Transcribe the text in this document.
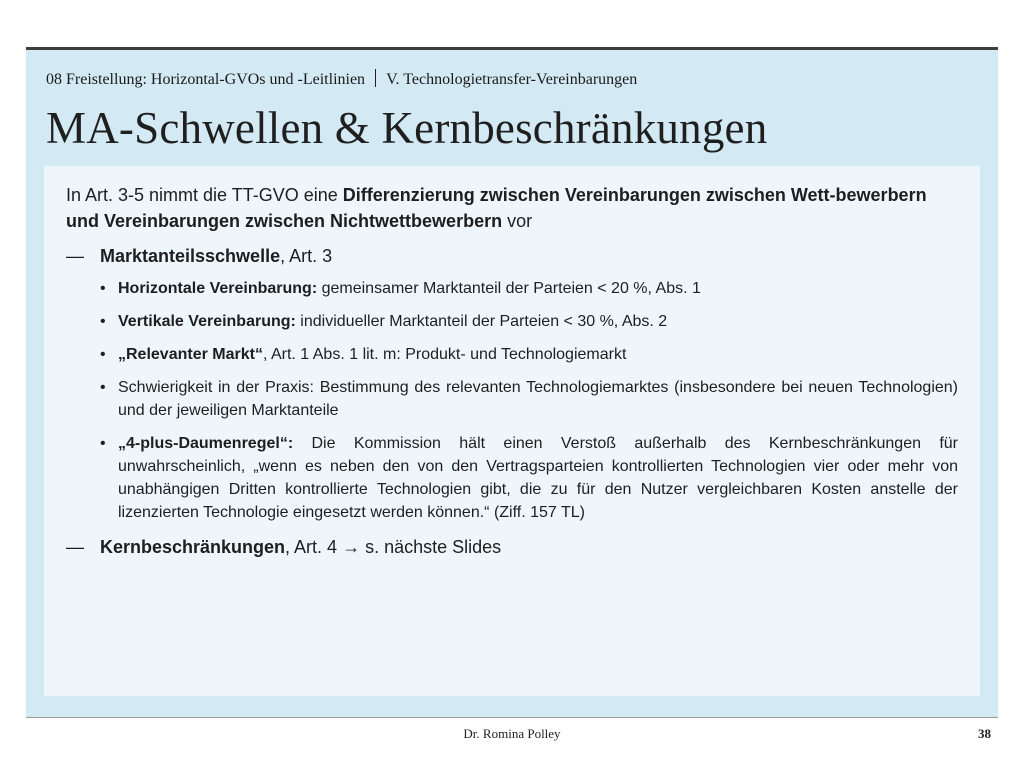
08 Freistellung: Horizontal-GVOs und -Leitlinien V. Technologietransfer-Vereinbarungen
MA-Schwellen & Kernbeschränkungen

In Art. 3-5 nimmt die TT-GVO eine Differenzierung zwischen Vereinbarungen zwischen Wett-bewerbern und Vereinbarungen zwischen Nichtwettbewerbern vor

— Marktanteilsschwelle, Art. 3
• Horizontale Vereinbarung: gemeinsamer Marktanteil der Parteien < 20 %, Abs. 1
• Vertikale Vereinbarung: individueller Marktanteil der Parteien < 30 %, Abs. 2
• „Relevanter Markt“, Art. 1 Abs. 1 lit. m: Produkt- und Technologiemarkt
• Schwierigkeit in der Praxis: Bestimmung des relevanten Technologiemarktes (insbesondere bei neuen Technologien) und der jeweiligen Marktanteile
• „4-plus-Daumenregel“: Die Kommission hält einen Verstoß außerhalb des Kernbeschränkungen für unwahrscheinlich, „wenn es neben den von den Vertragsparteien kontrollierten Technologien vier oder mehr von unabhängigen Dritten kontrollierte Technologien gibt, die zu für den Nutzer vergleichbaren Kosten anstelle der lizenzierten Technologie eingesetzt werden können.“ (Ziff. 157 TL)
— Kernbeschränkungen, Art. 4 → s. nächste Slides
Dr. Romina Polley	38
